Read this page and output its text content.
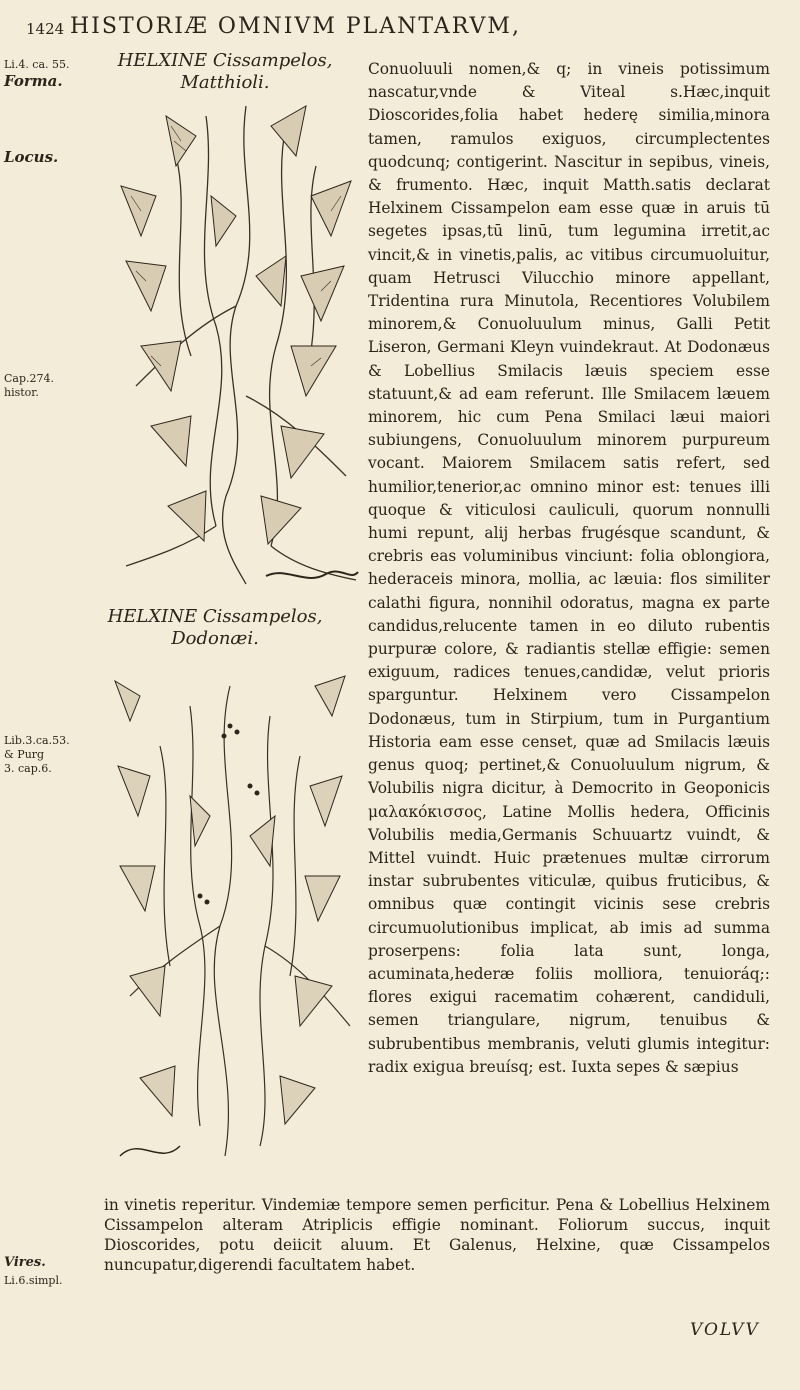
1424 HISTORIÆ OMNIVM PLANTARVM,
Li.4. ca. 55.
Forma.
Locus.
Cap.274. histor.
Lib.3.ca.53. & Purg 3. cap.6.
Vires.
Li.6.simpl.
HELXINE Cissampelos,
Matthioli.
HELXINE Cissampelos,
Dodonæi.

Conuoluuli nomen,& q; in vineis potissimum nascatur,vnde & Viteal s.Hæc,inquit Dioscorides,folia habet hederę similia,minora tamen, ramulos exiguos, circumplectentes quodcunq; contigerint. Nascitur in sepibus, vineis, & frumento. Hæc, inquit Matth.satis declarat Helxinem Cissampelon eam esse quæ in aruis tū segetes ipsas,tū linū, tum legumina irretit,ac vincit,& in vinetis,palis, ac vitibus circumuoluitur, quam Hetrusci Vilucchio minore appellant, Tridentina rura Minutola, Recentiores Volubilem minorem,& Conuoluulum minus, Galli Petit Liseron, Germani Kleyn vuindekraut. At Dodonæus & Lobellius Smilacis læuis speciem esse statuunt,& ad eam referunt. Ille Smilacem læuem minorem, hic cum Pena Smilaci læui maiori subiungens, Conuoluulum minorem purpureum vocant. Maiorem Smilacem satis refert, sed humilior,tenerior,ac omnino minor est: tenues illi quoque & viticulosi cauliculi, quorum nonnulli humi repunt, alij herbas frugésque scandunt, & crebris eas voluminibus vinciunt: folia oblongiora, hederaceis minora, mollia, ac læuia: flos similiter calathi figura, nonnihil odoratus, magna ex parte candidus,relucente tamen in eo diluto rubentis purpuræ colore, & radiantis stellæ effigie: semen exiguum, radices tenues,candidæ, velut prioris sparguntur. Helxinem vero Cissampelon Dodonæus, tum in Stirpium, tum in Purgantium Historia eam esse censet, quæ ad Smilacis læuis genus quoq; pertinet,& Conuoluulum nigrum, & Volubilis nigra dicitur, à Democrito in Geoponicis μαλακόκισσος, Latine Mollis hedera, Officinis Volubilis media,Germanis Schuuartz vuindt, & Mittel vuindt. Huic prætenues multæ cirrorum instar subrubentes viticulæ, quibus fruticibus, & omnibus quæ contingit vicinis sese crebris circumuolutionibus implicat, ab imis ad summa proserpens: folia lata sunt, longa, acuminata,hederæ foliis molliora, tenuioráq;: flores exigui racematim cohærent, candiduli, semen triangulare, nigrum, tenuibus & subrubentibus membranis, veluti glumis integitur: radix exigua breuísq; est. Iuxta sepes & sæpius

in vinetis reperitur. Vindemiæ tempore semen perficitur. Pena & Lobellius Helxinem Cissampelon alteram Atriplicis effigie nominant. Foliorum succus, inquit Dioscorides, potu deiicit aluum. Et Galenus, Helxine, quæ Cissampelos nuncupatur,digerendi facultatem habet.

VOLVV
